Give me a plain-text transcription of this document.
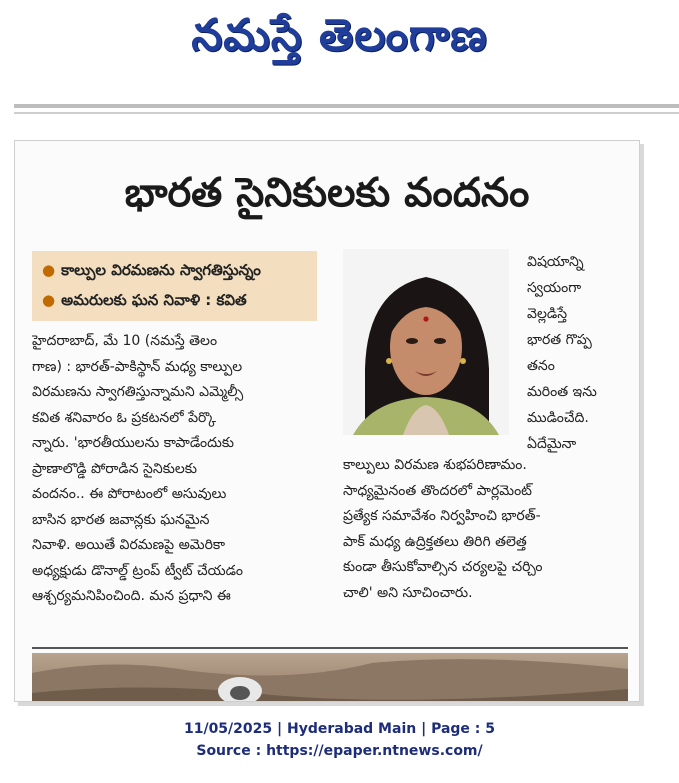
నమస్తే తెలంగాణ
భారత సైనికులకు వందనం
● కాల్పుల విరమణను స్వాగతిస్తున్నం
● అమరులకు ఘన నివాళి : కవిత
విషయాన్ని
స్వయంగా
వెల్లడిస్తే
భారత గొప్ప
తనం
మరింత ఇను
ముడించేది.
ఏదేమైనా
హైదరాబాద్, మే 10 (నమస్తే తెలం
గాణ) : భారత్-పాకిస్థాన్ మధ్య కాల్పుల
విరమణను స్వాగతిస్తున్నామని ఎమ్మెల్సీ
కవిత శనివారం ఓ ప్రకటనలో పేర్కొ
న్నారు. 'భారతీయులను కాపాడేందుకు
ప్రాణాలొడ్డి పోరాడిన సైనికులకు
వందనం.. ఈ పోరాటంలో అసువులు
బాసిన భారత జవాన్లకు ఘనమైన
నివాళి. అయితే విరమణపై అమెరికా
అధ్యక్షుడు డొనాల్డ్ ట్రంప్ ట్వీట్ చేయడం
ఆశ్చర్యమనిపించింది. మన ప్రధాని ఈ
కాల్పులు విరమణ శుభపరిణామం.
సాధ్యమైనంత తొందరలో పార్లమెంట్
ప్రత్యేక సమావేశం నిర్వహించి భారత్-
పాక్ మధ్య ఉద్రిక్తతలు తిరిగి తలెత్త
కుండా తీసుకోవాల్సిన చర్యలపై చర్చిం
చాలి' అని సూచించారు.
11/05/2025 | Hyderabad Main | Page : 5
Source : https://epaper.ntnews.com/
